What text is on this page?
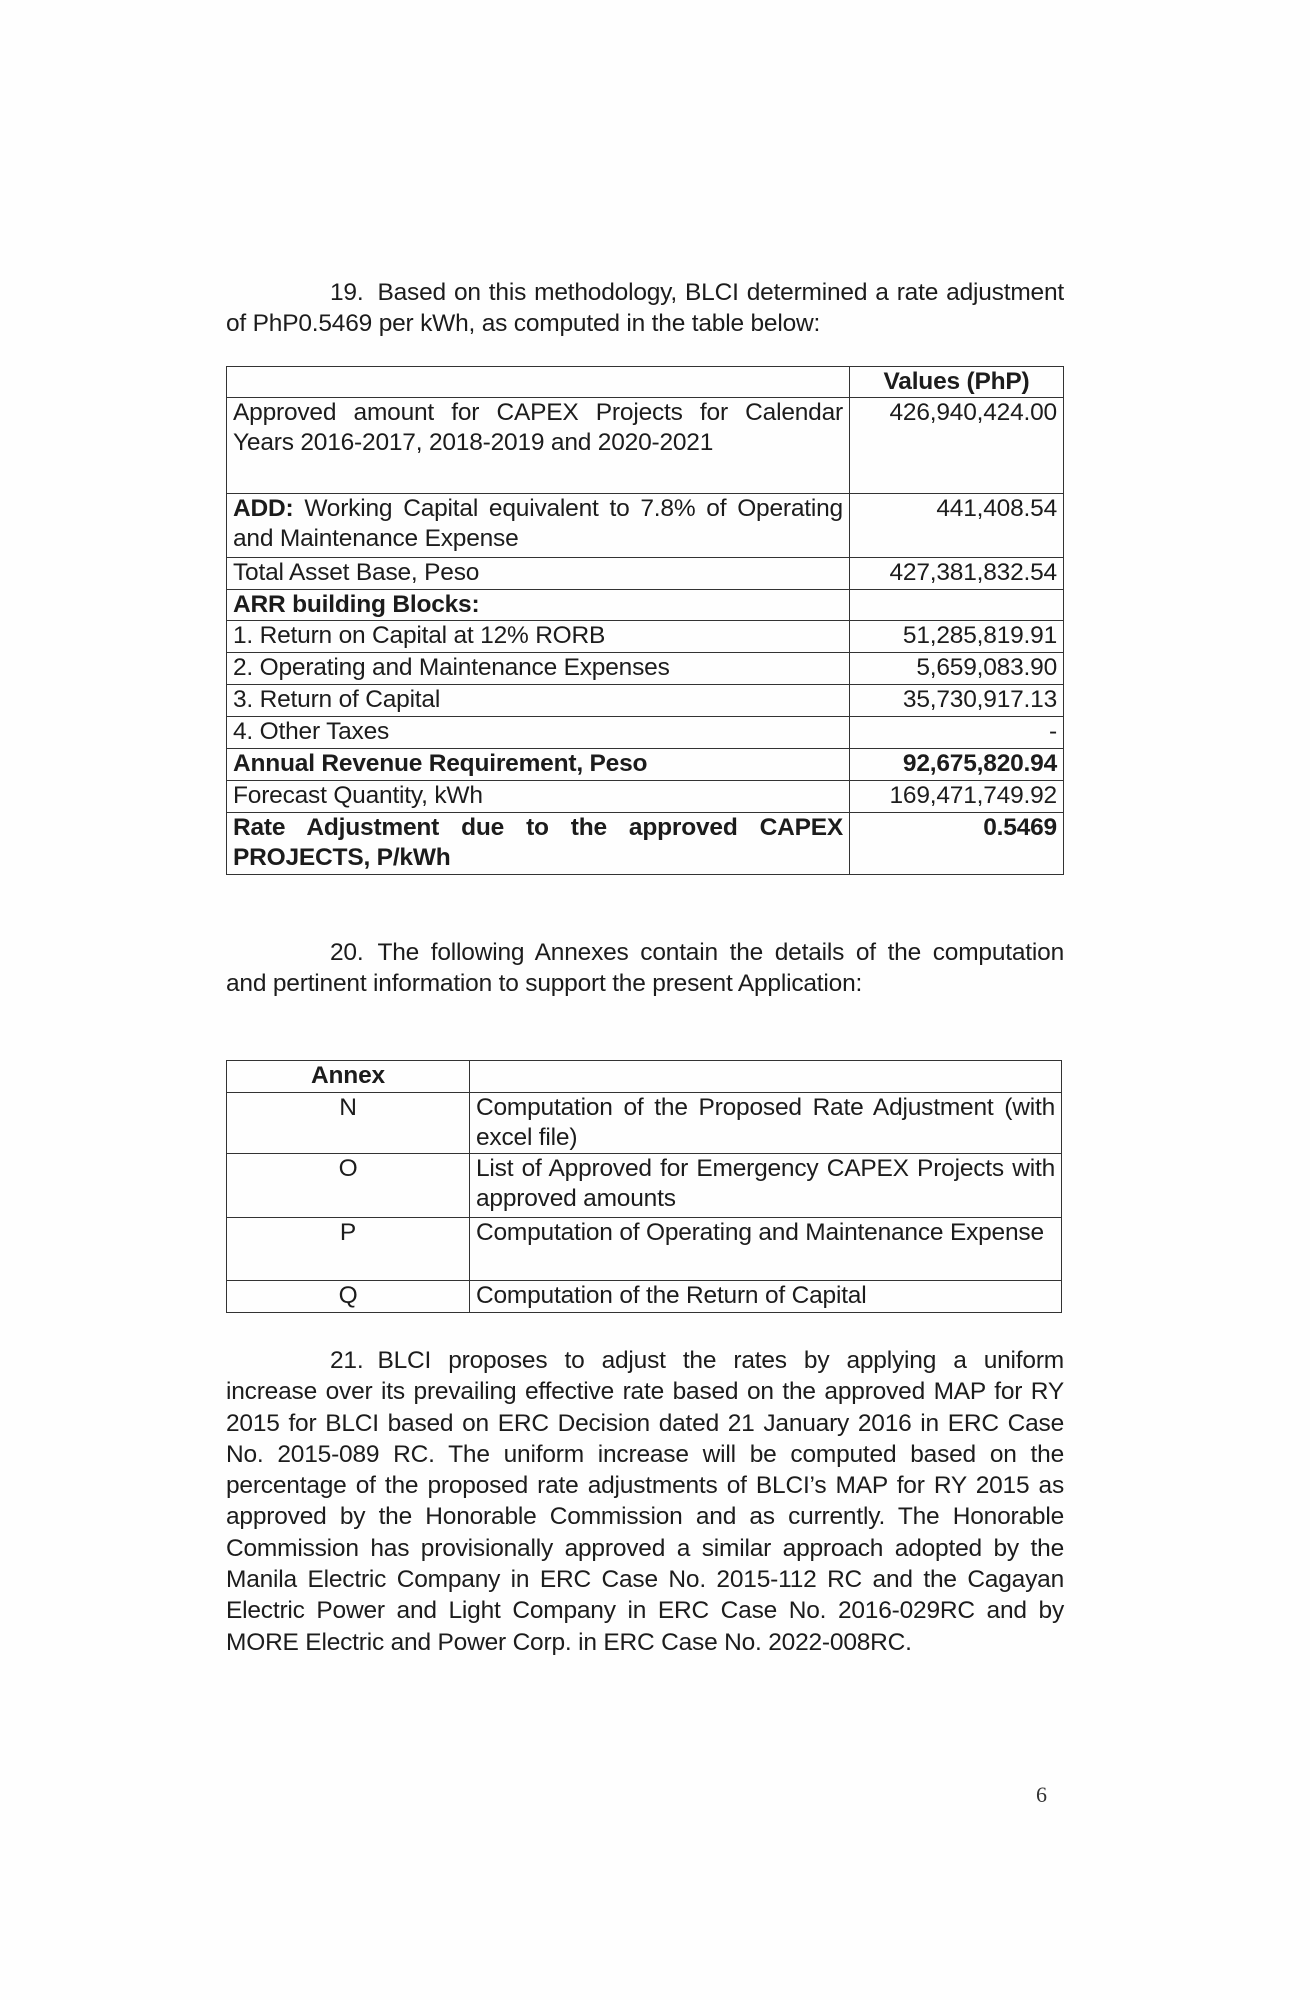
19. Based on this methodology, BLCI determined a rate adjustment of PhP0.5469 per kWh, as computed in the table below:
	Values (PhP)
Approved amount for CAPEX Projects for Calendar Years 2016-2017, 2018-2019 and 2020-2021	426,940,424.00
ADD: Working Capital equivalent to 7.8% of Operating and Maintenance Expense	441,408.54
Total Asset Base, Peso	427,381,832.54
ARR building Blocks:	
1. Return on Capital at 12% RORB	51,285,819.91
2. Operating and Maintenance Expenses	5,659,083.90
3. Return of Capital	35,730,917.13
4. Other Taxes	-
Annual Revenue Requirement, Peso	92,675,820.94
Forecast Quantity, kWh	169,471,749.92
Rate Adjustment due to the approved CAPEX PROJECTS, P/kWh	0.5469
20. The following Annexes contain the details of the computation and pertinent information to support the present Application:
Annex	
N	Computation of the Proposed Rate Adjustment (with excel file)
O	List of Approved for Emergency CAPEX Projects with approved amounts
P	Computation of Operating and Maintenance Expense
Q	Computation of the Return of Capital
21. BLCI proposes to adjust the rates by applying a uniform increase over its prevailing effective rate based on the approved MAP for RY 2015 for BLCI based on ERC Decision dated 21 January 2016 in ERC Case No. 2015-089 RC. The uniform increase will be computed based on the percentage of the proposed rate adjustments of BLCI’s MAP for RY 2015 as approved by the Honorable Commission and as currently. The Honorable Commission has provisionally approved a similar approach adopted by the Manila Electric Company in ERC Case No. 2015-112 RC and the Cagayan Electric Power and Light Company in ERC Case No. 2016-029RC and by MORE Electric and Power Corp. in ERC Case No. 2022-008RC.
6
